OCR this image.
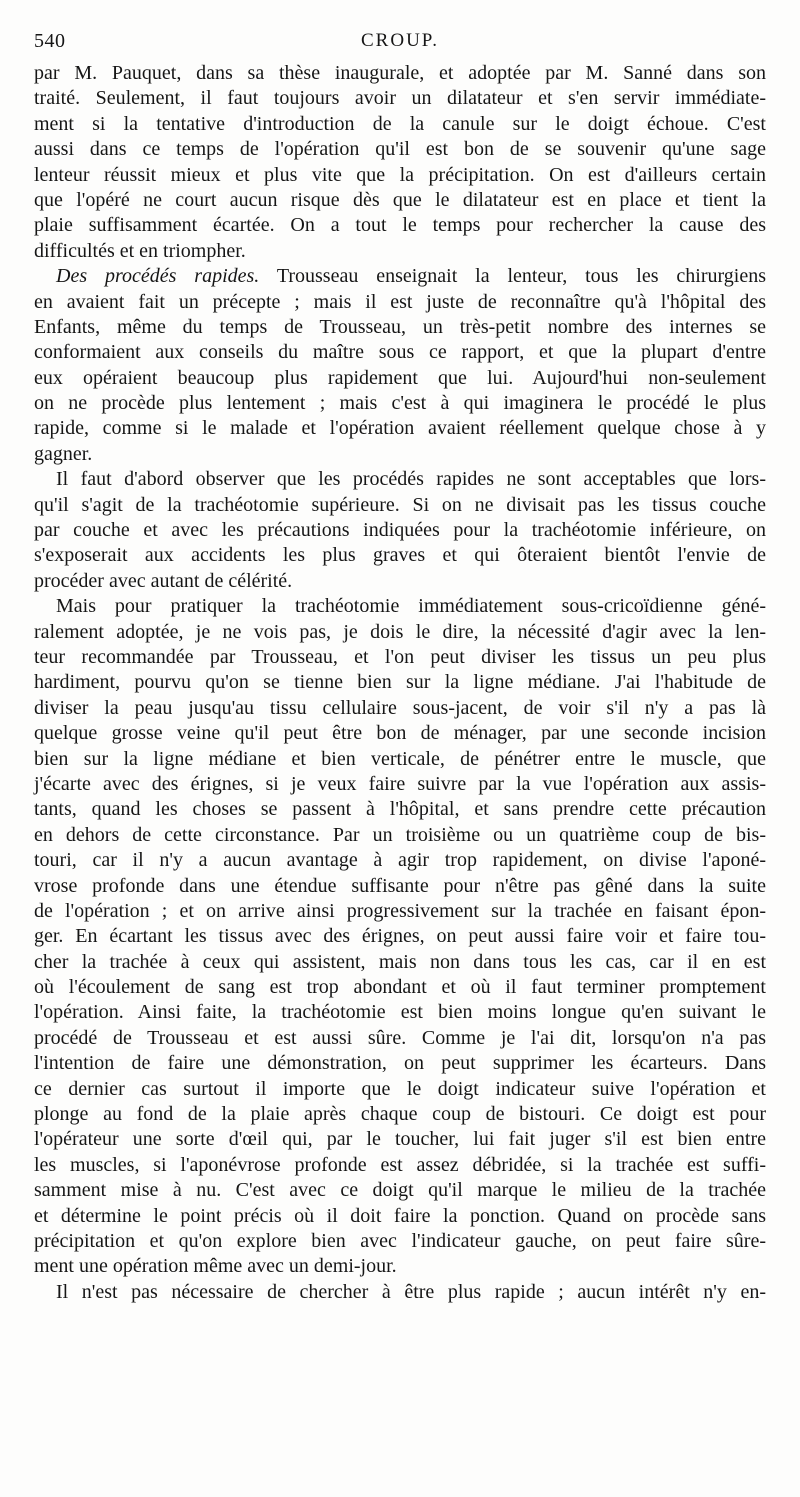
540	CROUP.
par M. Pauquet, dans sa thèse inaugurale, et adoptée par M. Sanné dans son
traité. Seulement, il faut toujours avoir un dilatateur et s'en servir immédiate-
ment si la tentative d'introduction de la canule sur le doigt échoue. C'est
aussi dans ce temps de l'opération qu'il est bon de se souvenir qu'une sage
lenteur réussit mieux et plus vite que la précipitation. On est d'ailleurs certain
que l'opéré ne court aucun risque dès que le dilatateur est en place et tient la
plaie suffisamment écartée. On a tout le temps pour rechercher la cause des
difficultés et en triompher.
Des procédés rapides. Trousseau enseignait la lenteur, tous les chirurgiens
en avaient fait un précepte ; mais il est juste de reconnaître qu'à l'hôpital des
Enfants, même du temps de Trousseau, un très-petit nombre des internes se
conformaient aux conseils du maître sous ce rapport, et que la plupart d'entre
eux opéraient beaucoup plus rapidement que lui. Aujourd'hui non-seulement
on ne procède plus lentement ; mais c'est à qui imaginera le procédé le plus
rapide, comme si le malade et l'opération avaient réellement quelque chose à y
gagner.
Il faut d'abord observer que les procédés rapides ne sont acceptables que lors-
qu'il s'agit de la trachéotomie supérieure. Si on ne divisait pas les tissus couche
par couche et avec les précautions indiquées pour la trachéotomie inférieure, on
s'exposerait aux accidents les plus graves et qui ôteraient bientôt l'envie de
procéder avec autant de célérité.
Mais pour pratiquer la trachéotomie immédiatement sous-cricoïdienne géné-
ralement adoptée, je ne vois pas, je dois le dire, la nécessité d'agir avec la len-
teur recommandée par Trousseau, et l'on peut diviser les tissus un peu plus
hardiment, pourvu qu'on se tienne bien sur la ligne médiane. J'ai l'habitude de
diviser la peau jusqu'au tissu cellulaire sous-jacent, de voir s'il n'y a pas là
quelque grosse veine qu'il peut être bon de ménager, par une seconde incision
bien sur la ligne médiane et bien verticale, de pénétrer entre le muscle, que
j'écarte avec des érignes, si je veux faire suivre par la vue l'opération aux assis-
tants, quand les choses se passent à l'hôpital, et sans prendre cette précaution
en dehors de cette circonstance. Par un troisième ou un quatrième coup de bis-
touri, car il n'y a aucun avantage à agir trop rapidement, on divise l'aponé-
vrose profonde dans une étendue suffisante pour n'être pas gêné dans la suite
de l'opération ; et on arrive ainsi progressivement sur la trachée en faisant épon-
ger. En écartant les tissus avec des érignes, on peut aussi faire voir et faire tou-
cher la trachée à ceux qui assistent, mais non dans tous les cas, car il en est
où l'écoulement de sang est trop abondant et où il faut terminer promptement
l'opération. Ainsi faite, la trachéotomie est bien moins longue qu'en suivant le
procédé de Trousseau et est aussi sûre. Comme je l'ai dit, lorsqu'on n'a pas
l'intention de faire une démonstration, on peut supprimer les écarteurs. Dans
ce dernier cas surtout il importe que le doigt indicateur suive l'opération et
plonge au fond de la plaie après chaque coup de bistouri. Ce doigt est pour
l'opérateur une sorte d'œil qui, par le toucher, lui fait juger s'il est bien entre
les muscles, si l'aponévrose profonde est assez débridée, si la trachée est suffi-
samment mise à nu. C'est avec ce doigt qu'il marque le milieu de la trachée
et détermine le point précis où il doit faire la ponction. Quand on procède sans
précipitation et qu'on explore bien avec l'indicateur gauche, on peut faire sûre-
ment une opération même avec un demi-jour.
Il n'est pas nécessaire de chercher à être plus rapide ; aucun intérêt n'y en-
